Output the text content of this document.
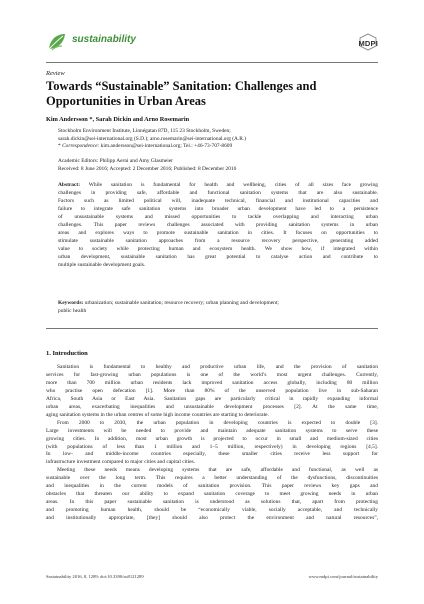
sustainability	MDPI
Review
Towards “Sustainable” Sanitation: Challenges and Opportunities in Urban Areas
Kim Andersson *, Sarah Dickin and Arno Rosemarin
Stockholm Environment Institute, Linnégatan 87D, 115 23 Stockholm, Sweden;
sarah.dickin@sei-international.org (S.D.); arno.rosemarin@sei-international.org (A.R.)
* Correspondence: kim.andersson@sei-international.org; Tel.: +46-73-707-8609
Academic Editors: Philipp Aerni and Amy Glasmeier
Received: 8 June 2016; Accepted: 2 December 2016; Published: 8 December 2016
Abstract: While sanitation is fundamental for health and wellbeing, cities of all sizes face growing
challenges in providing safe, affordable and functional sanitation systems that are also sustainable.
Factors such as limited political will, inadequate technical, financial and institutional capacities and
failure to integrate safe sanitation systems into broader urban development have led to a persistence
of unsustainable systems and missed opportunities to tackle overlapping and interacting urban
challenges. This paper reviews challenges associated with providing sanitation systems in urban
areas and explores ways to promote sustainable sanitation in cities. It focuses on opportunities to
stimulate sustainable sanitation approaches from a resource recovery perspective, generating added
value to society while protecting human and ecosystem health. We show how, if integrated within
urban development, sustainable sanitation has great potential to catalyse action and contribute to
multiple sustainable development goals.
Keywords: urbanization; sustainable sanitation; resource recovery; urban planning and development;
public health
1. Introduction
Sanitation is fundamental to healthy and productive urban life, and the provision of sanitation
services for fast-growing urban populations is one of the world’s most urgent challenges. Currently,
more than 700 million urban residents lack improved sanitation access globally, including 80 million
who practise open defecation [1]. More than 80% of the unserved population live in sub-Saharan
Africa, South Asia or East Asia. Sanitation gaps are particularly critical in rapidly expanding informal
urban areas, exacerbating inequalities and unsustainable development processes [2]. At the same time,
aging sanitation systems in the urban centres of some high income countries are starting to deteriorate.
From 2000 to 2030, the urban population in developing countries is expected to double [3].
Large investments will be needed to provide and maintain adequate sanitation systems to serve these
growing cities. In addition, most urban growth is projected to occur in small and medium-sized cities
(with populations of less than 1 million and 1–5 million, respectively) in developing regions [4,5].
In low- and middle-income countries especially, these smaller cities receive less support for
infrastructure investment compared to major cities and capital cities.
Meeting these needs means developing systems that are safe, affordable and functional, as well as
sustainable over the long term. This requires a better understanding of the dysfunctions, discontinuities
and inequalities in the current models of sanitation provision. This paper reviews key gaps and
obstacles that threaten our ability to expand sanitation coverage to meet growing needs in urban
areas. In this paper sustainable sanitation is understood as solutions that, apart from protecting
and promoting human health, should be “economically viable, socially acceptable, and technically
and institutionally appropriate, [they] should also protect the environment and natural resources”,
Sustainability 2016, 8, 1289; doi:10.3390/su8121289	www.mdpi.com/journal/sustainability
